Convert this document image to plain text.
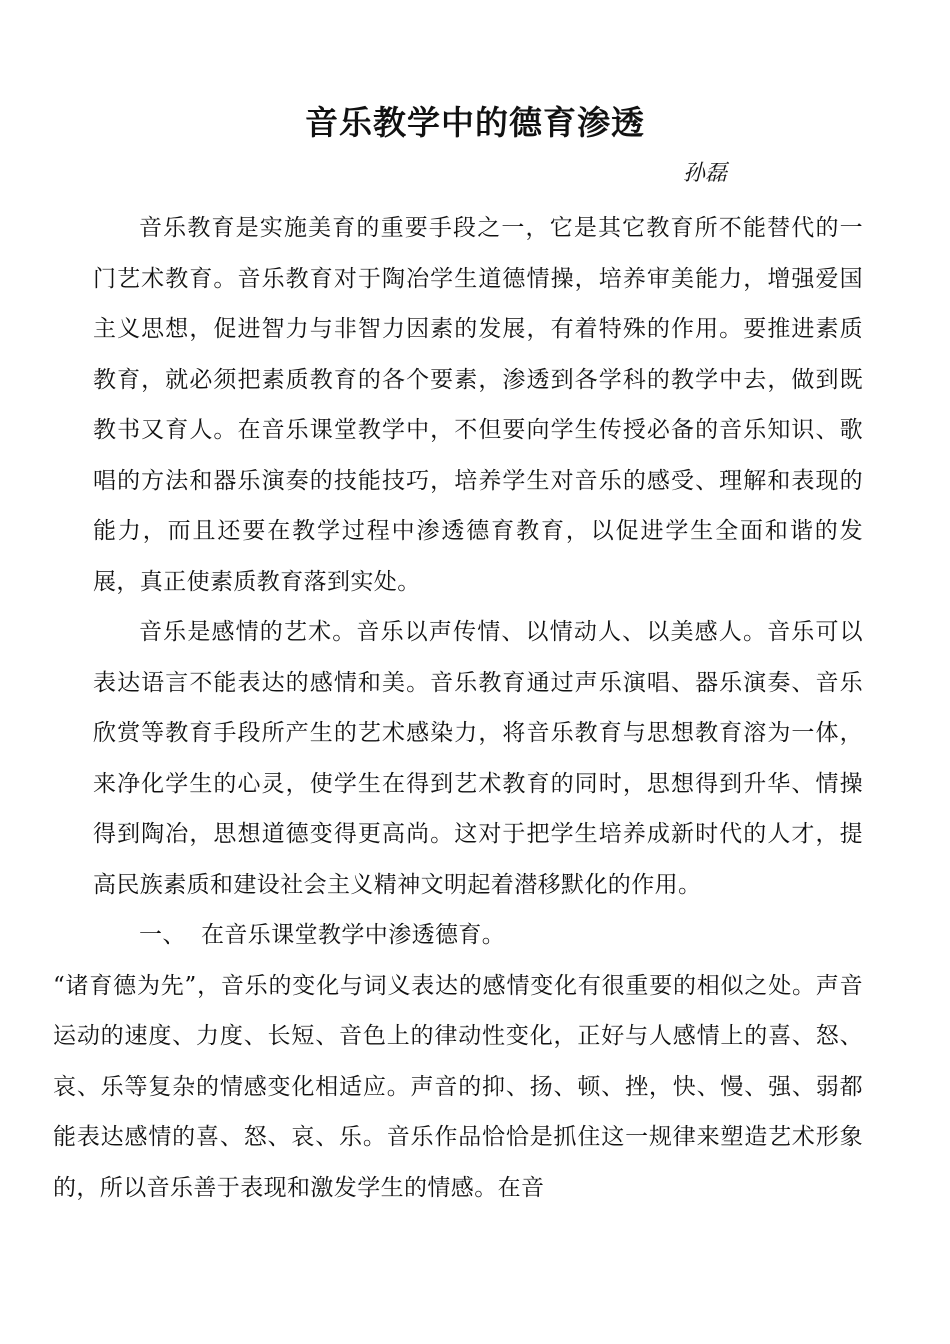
音乐教学中的德育渗透
孙磊

音乐教育是实施美育的重要手段之一，它是其它教育所不能替代的一门艺术教育。音乐教育对于陶冶学生道德情操，培养审美能力，增强爱国主义思想，促进智力与非智力因素的发展，有着特殊的作用。要推进素质教育，就必须把素质教育的各个要素，渗透到各学科的教学中去，做到既教书又育人。在音乐课堂教学中，不但要向学生传授必备的音乐知识、歌唱的方法和器乐演奏的技能技巧，培养学生对音乐的感受、理解和表现的能力，而且还要在教学过程中渗透德育教育，以促进学生全面和谐的发展，真正使素质教育落到实处。

音乐是感情的艺术。音乐以声传情、以情动人、以美感人。音乐可以表达语言不能表达的感情和美。音乐教育通过声乐演唱、器乐演奏、音乐欣赏等教育手段所产生的艺术感染力，将音乐教育与思想教育溶为一体，来净化学生的心灵，使学生在得到艺术教育的同时，思想得到升华、情操得到陶冶，思想道德变得更高尚。这对于把学生培养成新时代的人才，提高民族素质和建设社会主义精神文明起着潜移默化的作用。

一、 在音乐课堂教学中渗透德育。

“诸育德为先”，音乐的变化与词义表达的感情变化有很重要的相似之处。声音运动的速度、力度、长短、音色上的律动性变化，正好与人感情上的喜、怒、哀、乐等复杂的情感变化相适应。声音的抑、扬、顿、挫，快、慢、强、弱都能表达感情的喜、怒、哀、乐。音乐作品恰恰是抓住这一规律来塑造艺术形象的，所以音乐善于表现和激发学生的情感。在音
